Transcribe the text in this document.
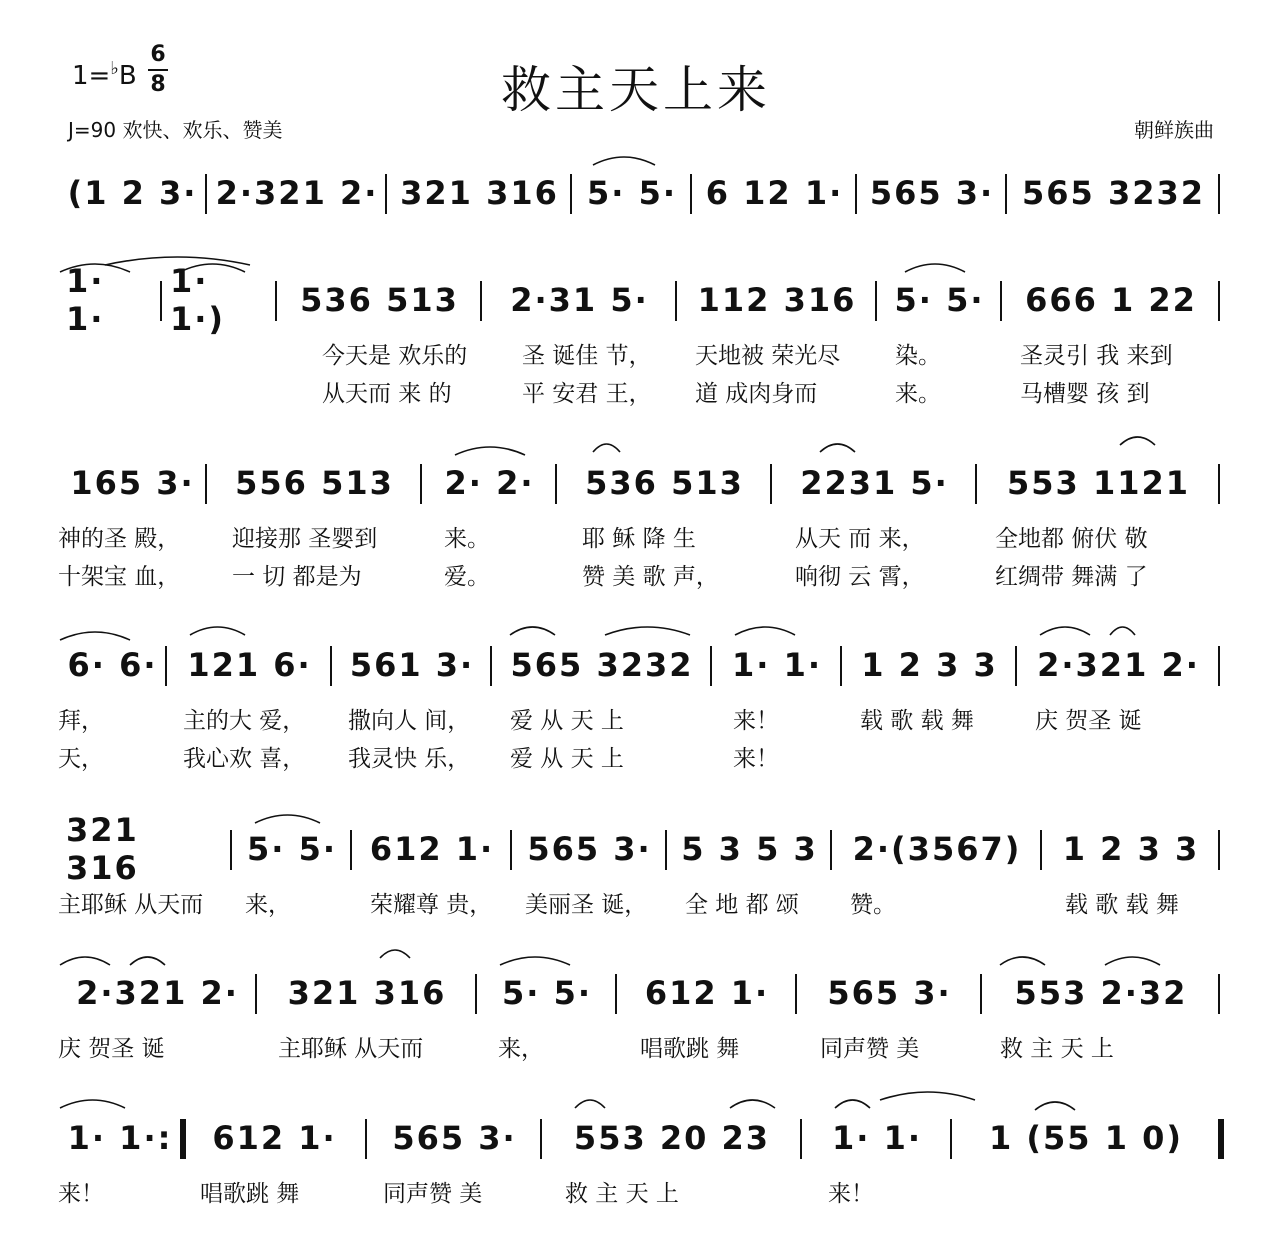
1=♭B
6
8	救主天上来
J=90 欢快、欢乐、赞美	朝鲜族曲
(1 2 3· 2·321 2· 321 316 5· 5· 6 12 1· 565 3· 565 3232
1· 1·
1· 1·)	536 513	2·31 5·	112 316	5· 5·	666 1 22
今天是 欢乐的 圣 诞佳 节， 天地被 荣光尽 染。	圣灵引 我 来到
从天而 来 的	平 安君 王， 道 成肉身而	来。	马槽婴 孩 到
165 3·	556 513	2· 2·	536 513	2231 5·	553 1121
神的圣 殿， 迎接那 圣婴到	来。	耶 稣 降 生	从天 而 来，	全地都 俯伏 敬
十架宝 血， 一 切 都是为	爱。	赞 美 歌 声，	响彻 云 霄，	红绸带 舞满 了
6· 6· 121 6·	561 3·	565 3232	1· 1·	1 2 3 3	2·321 2·
拜，	主的大 爱， 撒向人 间， 爱 从 天 上	来！	载 歌 载 舞	庆 贺圣 诞
天，	我心欢 喜， 我灵快 乐， 爱 从 天 上	来！
321 316	5· 5·	612 1·	565 3· 5 3 5 3	2·(3567)	1 2 3 3
主耶稣 从天而 来，	荣耀尊 贵， 美丽圣 诞， 全 地 都 颂 赞。	载 歌 载 舞
2·321 2·	321 316	5· 5·	612 1·	565 3·	553 2·32
庆 贺圣 诞	主耶稣 从天而	来，	唱歌跳 舞	同声赞 美	救 主 天 上
1· 1·:	612 1·	565 3·	553 20 23	1· 1·	1 (55 1 0)
来！	唱歌跳 舞	同声赞 美	救 主 天 上	来！
